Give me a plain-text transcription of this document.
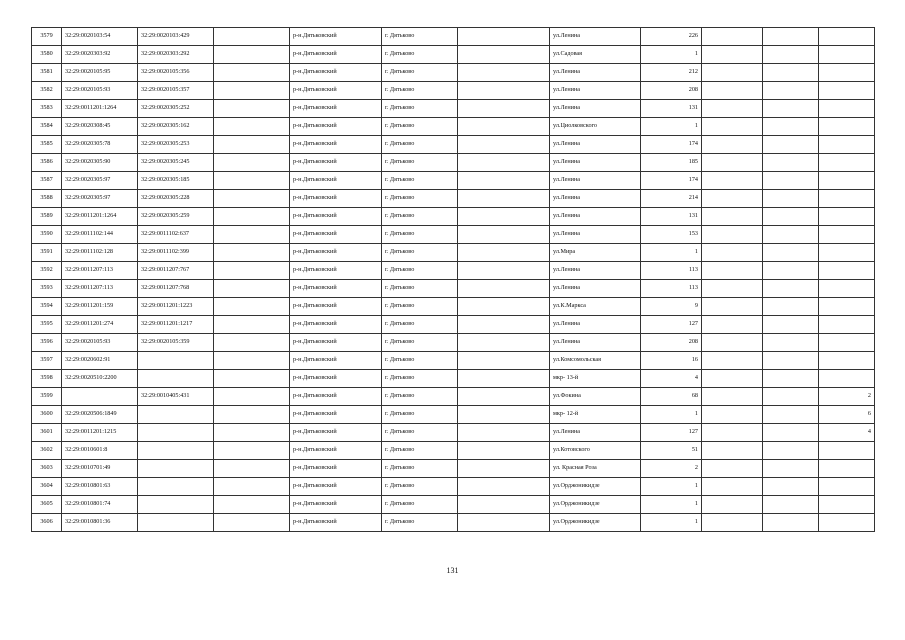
3579	32:29:0020103:54	32:29:0020103:429		р-н.Дятьковский	г. Дятьково		ул.Ленина	226			
3580	32:29:0020303:92	32:29:0020303:292		р-н.Дятьковский	г. Дятьково		ул.Садовая	1			
3581	32:29:0020105:95	32:29:0020105:356		р-н.Дятьковский	г. Дятьково		ул.Ленина	212			
3582	32:29:0020105:93	32:29:0020105:357		р-н.Дятьковский	г. Дятьково		ул.Ленина	208			
3583	32:29:0011201:1264	32:29:0020305:252		р-н.Дятьковский	г. Дятьково		ул.Ленина	131			
3584	32:29:0020308:45	32:29:0020305:162		р-н.Дятьковский	г. Дятьково		ул.Циолковского	1			
3585	32:29:0020305:78	32:29:0020305:253		р-н.Дятьковский	г. Дятьково		ул.Ленина	174			
3586	32:29:0020305:90	32:29:0020305:245		р-н.Дятьковский	г. Дятьково		ул.Ленина	185			
3587	32:29:0020305:97	32:29:0020305:185		р-н.Дятьковский	г. Дятьково		ул.Ленина	174			
3588	32:29:0020305:97	32:29:0020305:228		р-н.Дятьковский	г. Дятьково		ул.Ленина	214			
3589	32:29:0011201:1264	32:29:0020305:259		р-н.Дятьковский	г. Дятьково		ул.Ленина	131			
3590	32:29:0011102:144	32:29:0011102:637		р-н.Дятьковский	г. Дятьково		ул.Ленина	153			
3591	32:29:0011102:128	32:29:0011102:399		р-н.Дятьковский	г. Дятьково		ул.Мира	1			
3592	32:29:0011207:113	32:29:0011207:767		р-н.Дятьковский	г. Дятьково		ул.Ленина	113			
3593	32:29:0011207:113	32:29:0011207:768		р-н.Дятьковский	г. Дятьково		ул.Ленина	113			
3594	32:29:0011201:159	32:29:0011201:1223		р-н.Дятьковский	г. Дятьково		ул.К.Маркса	9			
3595	32:29:0011201:274	32:29:0011201:1217		р-н.Дятьковский	г. Дятьково		ул.Ленина	127			
3596	32:29:0020105:93	32:29:0020105:359		р-н.Дятьковский	г. Дятьково		ул.Ленина	208			
3597	32:29:0020602:91			р-н.Дятьковский	г. Дятьково		ул.Комсомольская	16			
3598	32:29:0020510:2200			р-н.Дятьковский	г. Дятьково		мкр- 13-й	4			
3599		32:29:0010405:431		р-н.Дятьковский	г. Дятьково		ул.Фокина	68			2
3600	32:29:0020506:1849			р-н.Дятьковский	г. Дятьково		мкр- 12-й	1			6
3601	32:29:0011201:1215			р-н.Дятьковский	г. Дятьково		ул.Ленина	127			4
3602	32:29:0010601:8			р-н.Дятьковский	г. Дятьково		ул.Котовского	51			
3603	32:29:0010701:49			р-н.Дятьковский	г. Дятьково		ул. Красная Роза	2			
3604	32:29:0010801:63			р-н.Дятьковский	г. Дятьково		ул.Орджоникидзе	1			
3605	32:29:0010801:74			р-н.Дятьковский	г. Дятьково		ул.Орджоникидзе	1			
3606	32:29:0010801:36			р-н.Дятьковский	г. Дятьково		ул.Орджоникидзе	1			
131
